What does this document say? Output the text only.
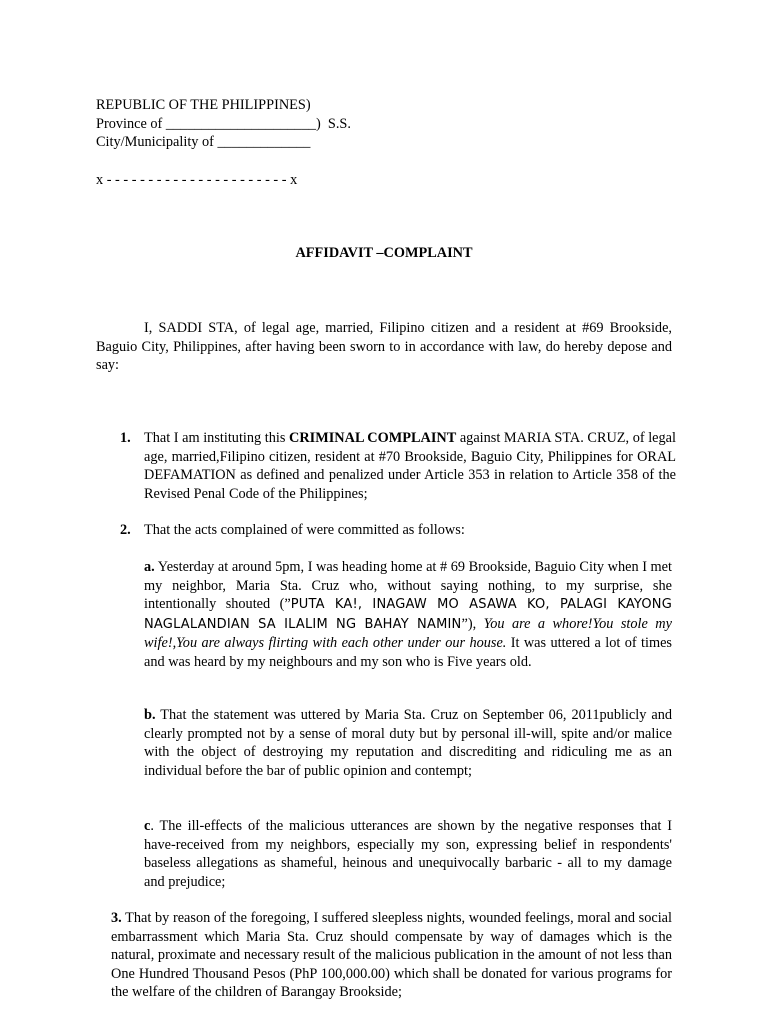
REPUBLIC OF THE PHILIPPINES)
Province of _____________________)  S.S.
City/Municipality of _____________
x - - - - - - - - - - - - - - - - - - - - - - x
AFFIDAVIT –COMPLAINT
I, SADDI STA, of legal age, married, Filipino citizen and a resident at #69 Brookside, Baguio City, Philippines, after having been sworn to in accordance with law, do hereby depose and say:
1. That I am instituting this CRIMINAL COMPLAINT against MARIA STA. CRUZ, of legal age, married,Filipino citizen, resident at #70 Brookside, Baguio City, Philippines for ORAL DEFAMATION as defined and penalized under Article 353 in relation to Article 358 of the Revised Penal Code of the Philippines;
2. That the acts complained of were committed as follows:
a. Yesterday at around 5pm, I was heading home at # 69 Brookside, Baguio City when I met my neighbor, Maria Sta. Cruz who, without saying nothing, to my surprise, she intentionally shouted (”PUTA KA!, INAGAW MO ASAWA KO, PALAGI KAYONG NAGLALANDIAN SA ILALIM NG BAHAY NAMIN”), You are a whore!You stole my wife!,You are always flirting with each other under our house. It was uttered a lot of times and was heard by my neighbours and my son who is Five years old.
b. That the statement was uttered by Maria Sta. Cruz on September 06, 2011publicly and clearly prompted not by a sense of moral duty but by personal ill-will, spite and/or malice with the object of destroying my reputation and discrediting and ridiculing me as an individual before the bar of public opinion and contempt;
c. The ill-effects of the malicious utterances are shown by the negative responses that I have-received from my neighbors, especially my son, expressing belief in respondents' baseless allegations as shameful, heinous and unequivocally barbaric - all to my damage and prejudice;
3. That by reason of the foregoing, I suffered sleepless nights, wounded feelings, moral and social embarrassment which Maria Sta. Cruz should compensate by way of damages which is the natural, proximate and necessary result of the malicious publication in the amount of not less than One Hundred Thousand Pesos (PhP 100,000.00) which shall be donated for various programs for the welfare of the children of Barangay Brookside;
